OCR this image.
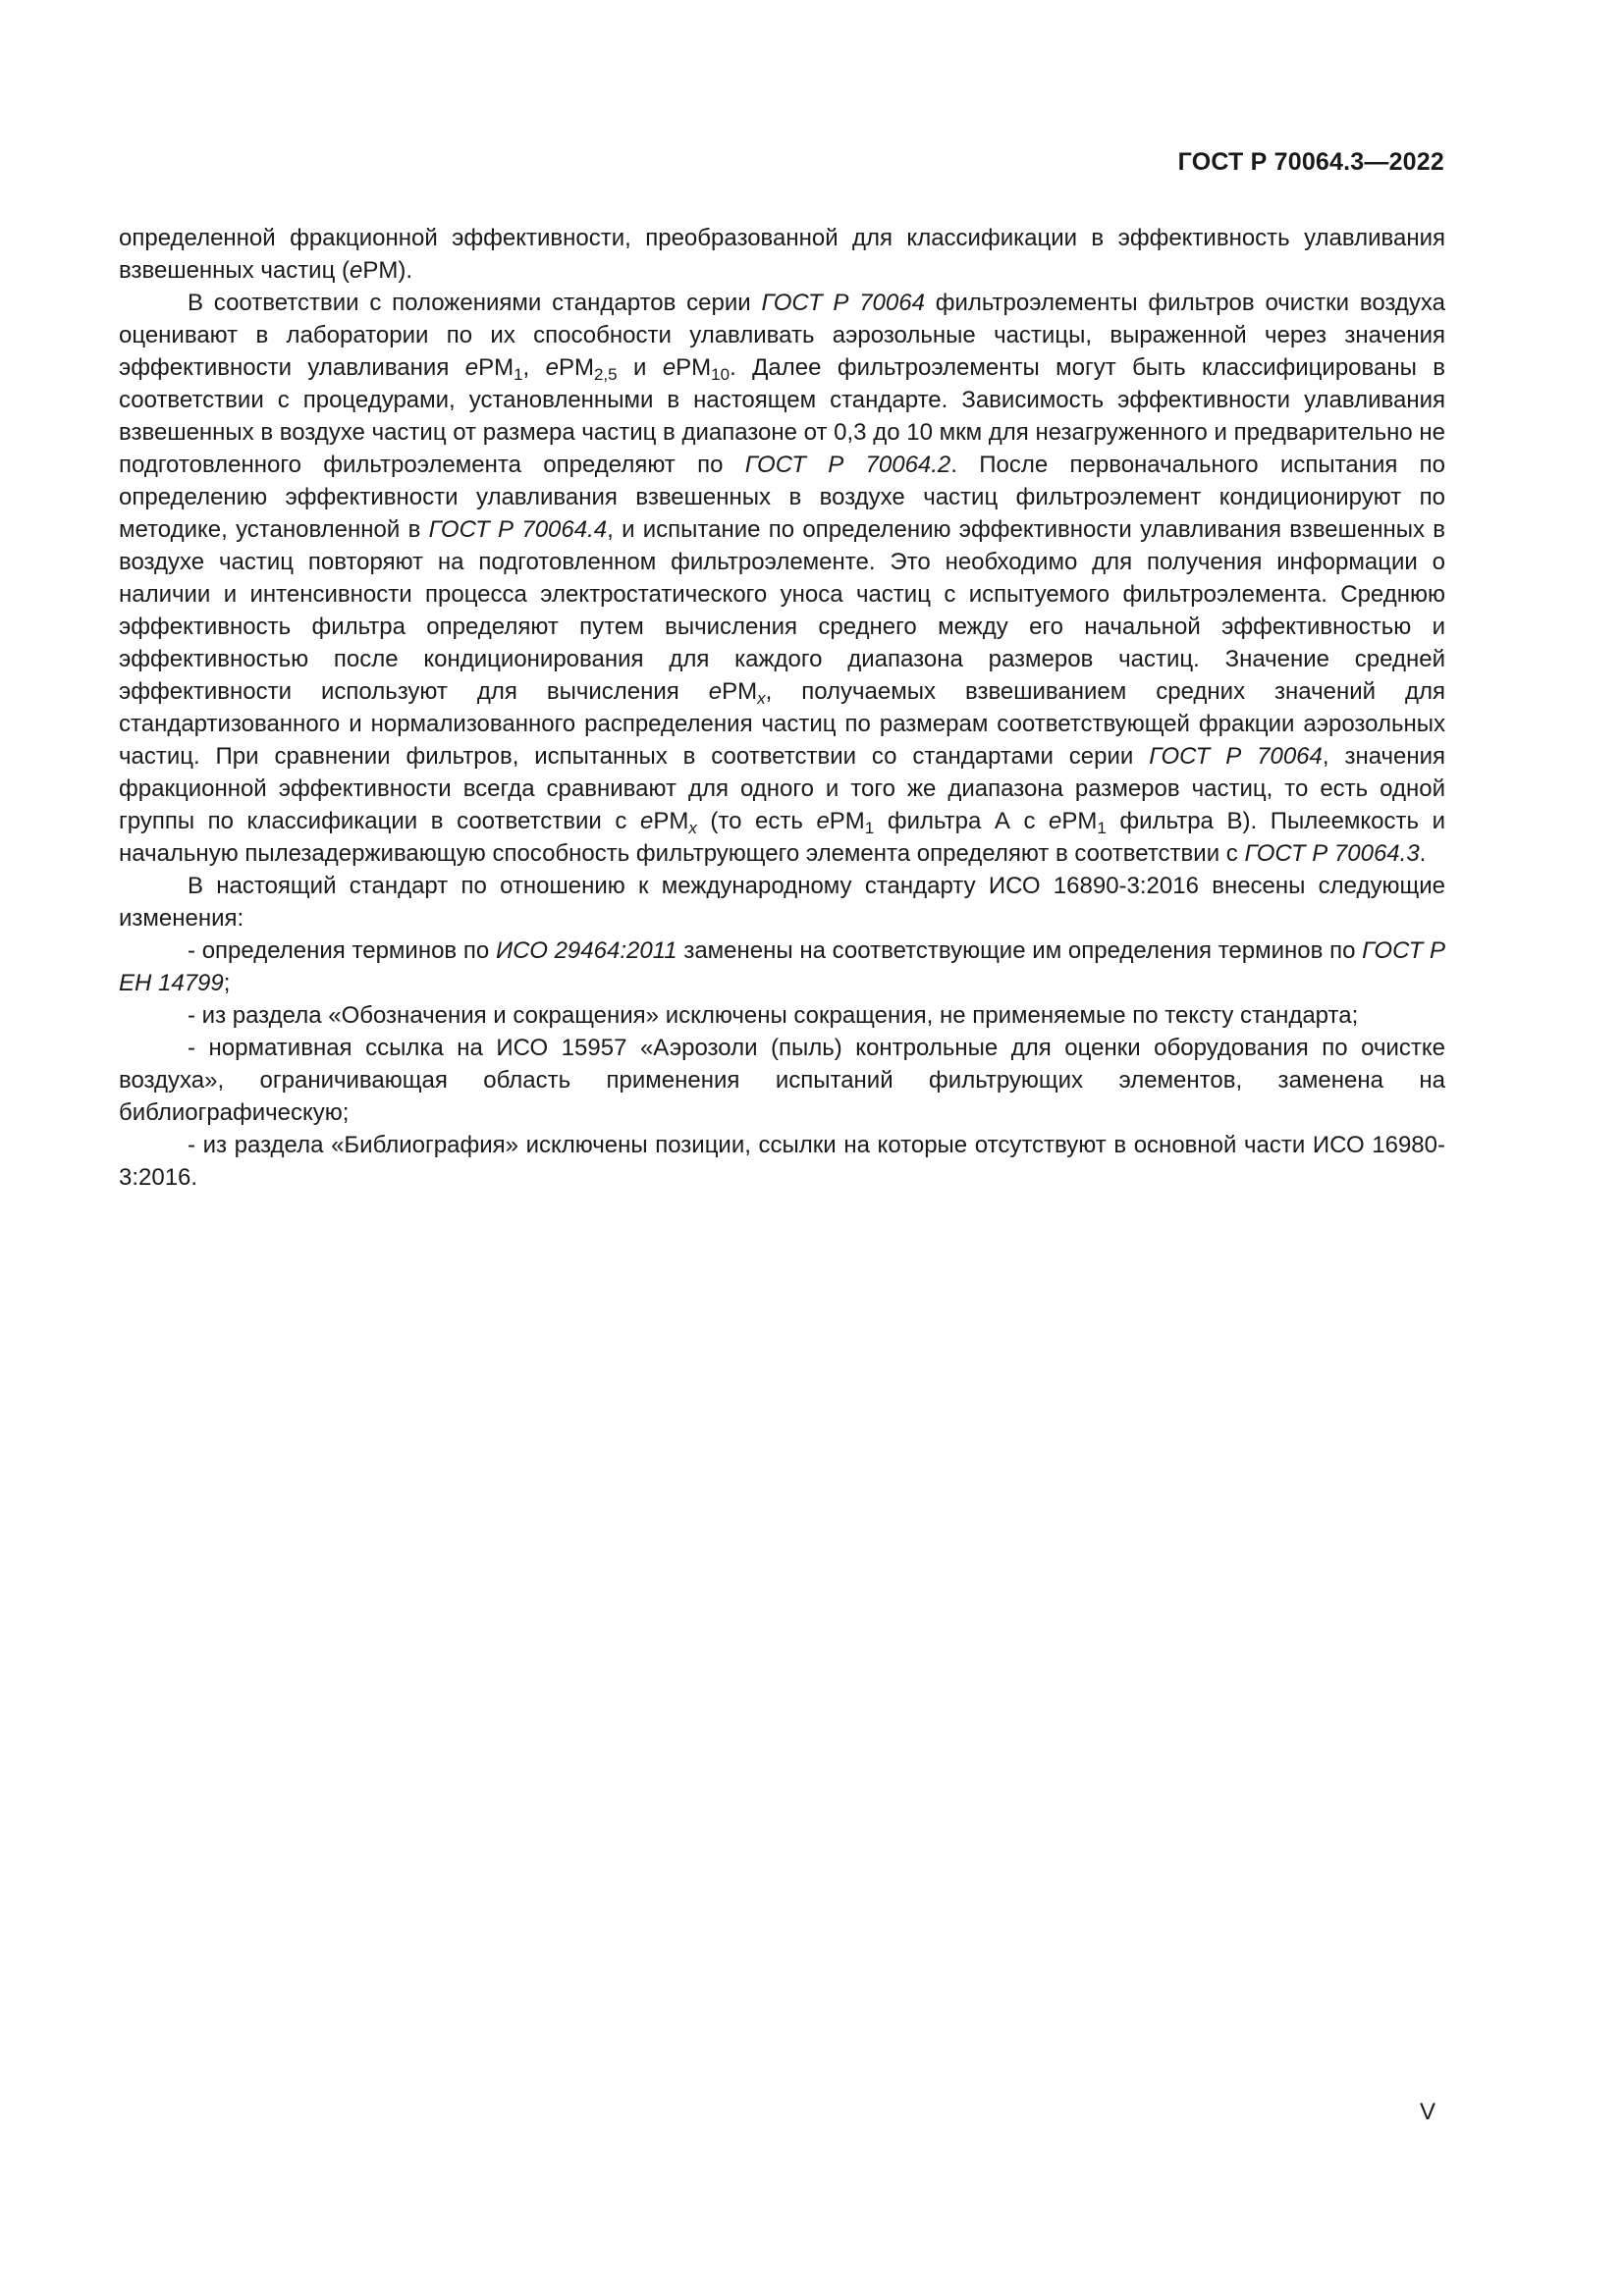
ГОСТ Р 70064.3—2022

определенной фракционной эффективности, преобразованной для классификации в эффективность улавливания взвешенных частиц (ePM).

В соответствии с положениями стандартов серии ГОСТ Р 70064 фильтроэлементы фильтров очистки воздуха оценивают в лаборатории по их способности улавливать аэрозольные частицы, выраженной через значения эффективности улавливания ePM$_1$, ePM$_{2,5}$ и ePM$_{10}$. Далее фильтроэлементы могут быть классифицированы в соответствии с процедурами, установленными в настоящем стандарте. Зависимость эффективности улавливания взвешенных в воздухе частиц от размера частиц в диапазоне от 0,3 до 10 мкм для незагруженного и предварительно не подготовленного фильтроэлемента определяют по ГОСТ Р 70064.2. После первоначального испытания по определению эффективности улавливания взвешенных в воздухе частиц фильтроэлемент кондиционируют по методике, установленной в ГОСТ Р 70064.4, и испытание по определению эффективности улавливания взвешенных в воздухе частиц повторяют на подготовленном фильтроэлементе. Это необходимо для получения информации о наличии и интенсивности процесса электростатического уноса частиц с испытуемого фильтроэлемента. Среднюю эффективность фильтра определяют путем вычисления среднего между его начальной эффективностью и эффективностью после кондиционирования для каждого диапазона размеров частиц. Значение средней эффективности используют для вычисления ePM$_x$, получаемых взвешиванием средних значений для стандартизованного и нормализованного распределения частиц по размерам соответствующей фракции аэрозольных частиц. При сравнении фильтров, испытанных в соответствии со стандартами серии ГОСТ Р 70064, значения фракционной эффективности всегда сравнивают для одного и того же диапазона размеров частиц, то есть одной группы по классификации в соответствии с ePM$_x$ (то есть ePM$_1$ фильтра А с ePM$_1$ фильтра В). Пылеемкость и начальную пылезадерживающую способность фильтрующего элемента определяют в соответствии с ГОСТ Р 70064.3.

В настоящий стандарт по отношению к международному стандарту ИСО 16890-3:2016 внесены следующие изменения:

- определения терминов по ИСО 29464:2011 заменены на соответствующие им определения терминов по ГОСТ Р ЕН 14799;

- из раздела «Обозначения и сокращения» исключены сокращения, не применяемые по тексту стандарта;

- нормативная ссылка на ИСО 15957 «Аэрозоли (пыль) контрольные для оценки оборудования по очистке воздуха», ограничивающая область применения испытаний фильтрующих элементов, заменена на библиографическую;

- из раздела «Библиография» исключены позиции, ссылки на которые отсутствуют в основной части ИСО 16980-3:2016.

V
